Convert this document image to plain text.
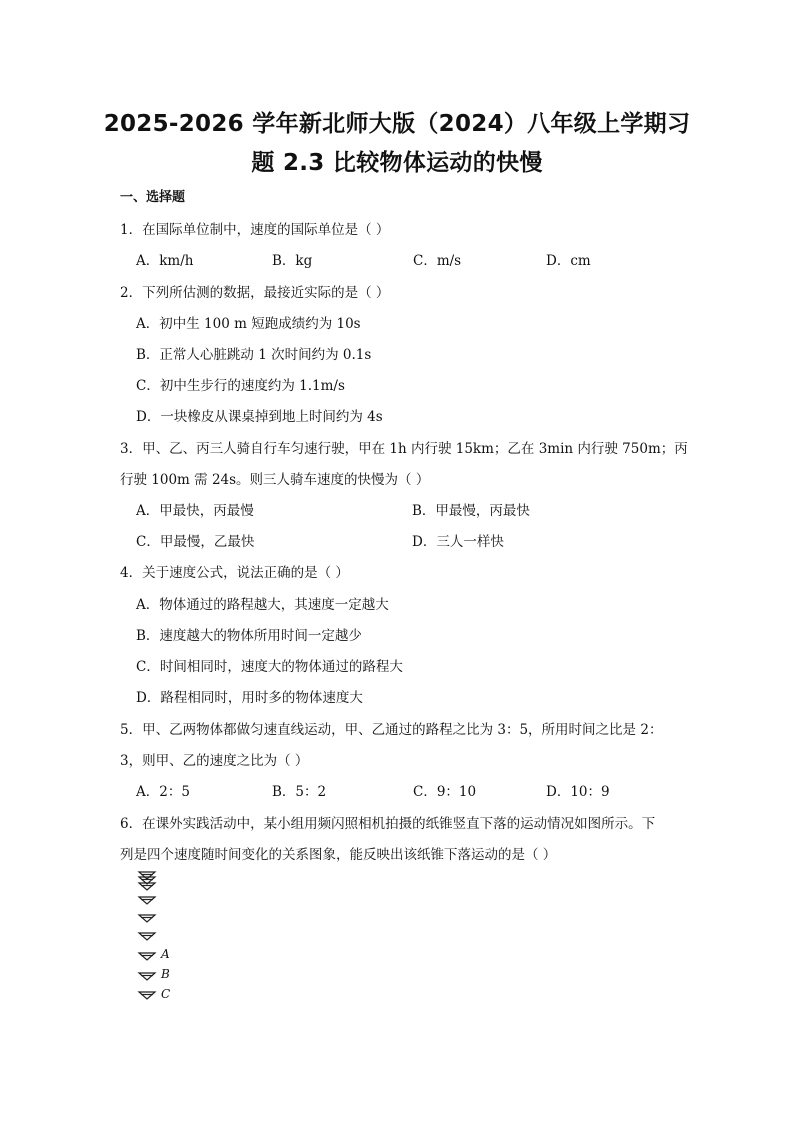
2025-2026 学年新北师大版（2024）八年级上学期习
题 2.3 比较物体运动的快慢
一、选择题
1．在国际单位制中，速度的国际单位是（ ）
A．km/h	B．kg	C．m/s	D．cm
2．下列所估测的数据，最接近实际的是（ ）
A．初中生 100 m 短跑成绩约为 10s
B．正常人心脏跳动 1 次时间约为 0.1s
C．初中生步行的速度约为 1.1m/s
D．一块橡皮从课桌掉到地上时间约为 4s
3．甲、乙、丙三人骑自行车匀速行驶，甲在 1h 内行驶 15km；乙在 3min 内行驶 750m；丙
行驶 100m 需 24s。则三人骑车速度的快慢为（ ）
A．甲最快，丙最慢	B．甲最慢，丙最快
C．甲最慢，乙最快	D．三人一样快
4．关于速度公式，说法正确的是（ ）
A．物体通过的路程越大，其速度一定越大
B．速度越大的物体所用时间一定越少
C．时间相同时，速度大的物体通过的路程大
D．路程相同时，用时多的物体速度大
5．甲、乙两物体都做匀速直线运动，甲、乙通过的路程之比为 3：5，所用时间之比是 2：
3，则甲、乙的速度之比为（ ）
A．2：5	B．5：2	C．9：10	D．10：9
6．在课外实践活动中，某小组用频闪照相机拍摄的纸锥竖直下落的运动情况如图所示。下
列是四个速度随时间变化的关系图象，能反映出该纸锥下落运动的是（ ）
A
B
C
